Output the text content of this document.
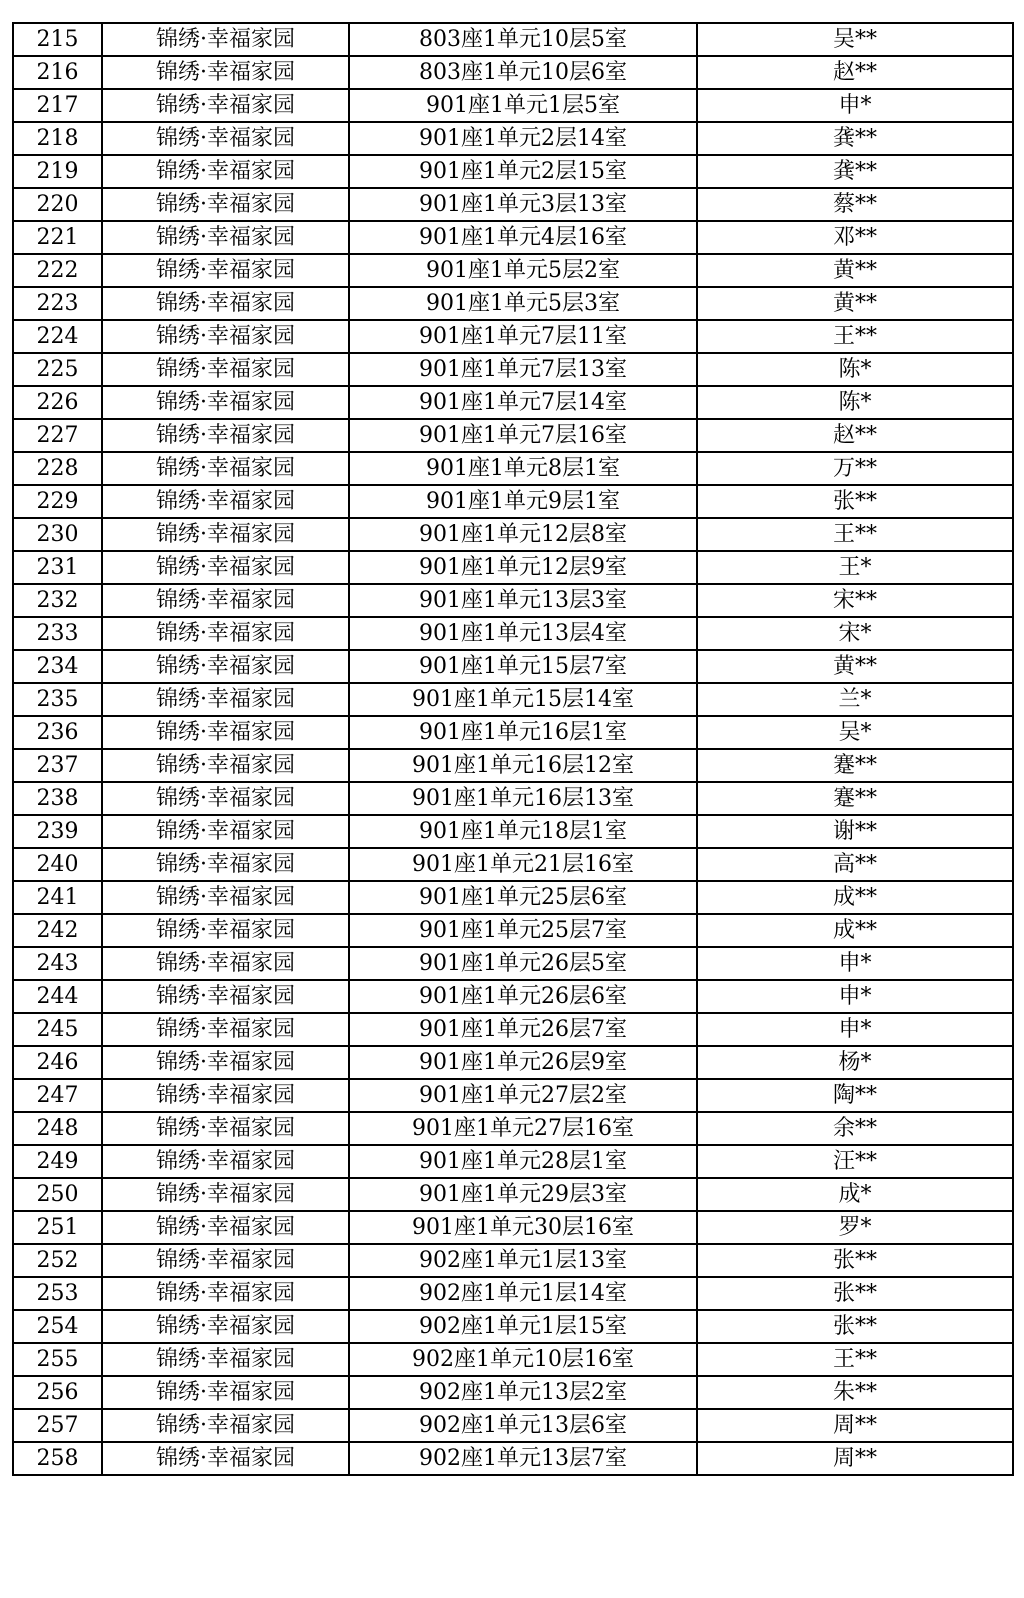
215	锦绣·幸福家园	803座1单元10层5室	吴**
216	锦绣·幸福家园	803座1单元10层6室	赵**
217	锦绣·幸福家园	901座1单元1层5室	申*
218	锦绣·幸福家园	901座1单元2层14室	龚**
219	锦绣·幸福家园	901座1单元2层15室	龚**
220	锦绣·幸福家园	901座1单元3层13室	蔡**
221	锦绣·幸福家园	901座1单元4层16室	邓**
222	锦绣·幸福家园	901座1单元5层2室	黄**
223	锦绣·幸福家园	901座1单元5层3室	黄**
224	锦绣·幸福家园	901座1单元7层11室	王**
225	锦绣·幸福家园	901座1单元7层13室	陈*
226	锦绣·幸福家园	901座1单元7层14室	陈*
227	锦绣·幸福家园	901座1单元7层16室	赵**
228	锦绣·幸福家园	901座1单元8层1室	万**
229	锦绣·幸福家园	901座1单元9层1室	张**
230	锦绣·幸福家园	901座1单元12层8室	王**
231	锦绣·幸福家园	901座1单元12层9室	王*
232	锦绣·幸福家园	901座1单元13层3室	宋**
233	锦绣·幸福家园	901座1单元13层4室	宋*
234	锦绣·幸福家园	901座1单元15层7室	黄**
235	锦绣·幸福家园	901座1单元15层14室	兰*
236	锦绣·幸福家园	901座1单元16层1室	吴*
237	锦绣·幸福家园	901座1单元16层12室	蹇**
238	锦绣·幸福家园	901座1单元16层13室	蹇**
239	锦绣·幸福家园	901座1单元18层1室	谢**
240	锦绣·幸福家园	901座1单元21层16室	高**
241	锦绣·幸福家园	901座1单元25层6室	成**
242	锦绣·幸福家园	901座1单元25层7室	成**
243	锦绣·幸福家园	901座1单元26层5室	申*
244	锦绣·幸福家园	901座1单元26层6室	申*
245	锦绣·幸福家园	901座1单元26层7室	申*
246	锦绣·幸福家园	901座1单元26层9室	杨*
247	锦绣·幸福家园	901座1单元27层2室	陶**
248	锦绣·幸福家园	901座1单元27层16室	余**
249	锦绣·幸福家园	901座1单元28层1室	汪**
250	锦绣·幸福家园	901座1单元29层3室	成*
251	锦绣·幸福家园	901座1单元30层16室	罗*
252	锦绣·幸福家园	902座1单元1层13室	张**
253	锦绣·幸福家园	902座1单元1层14室	张**
254	锦绣·幸福家园	902座1单元1层15室	张**
255	锦绣·幸福家园	902座1单元10层16室	王**
256	锦绣·幸福家园	902座1单元13层2室	朱**
257	锦绣·幸福家园	902座1单元13层6室	周**
258	锦绣·幸福家园	902座1单元13层7室	周**
